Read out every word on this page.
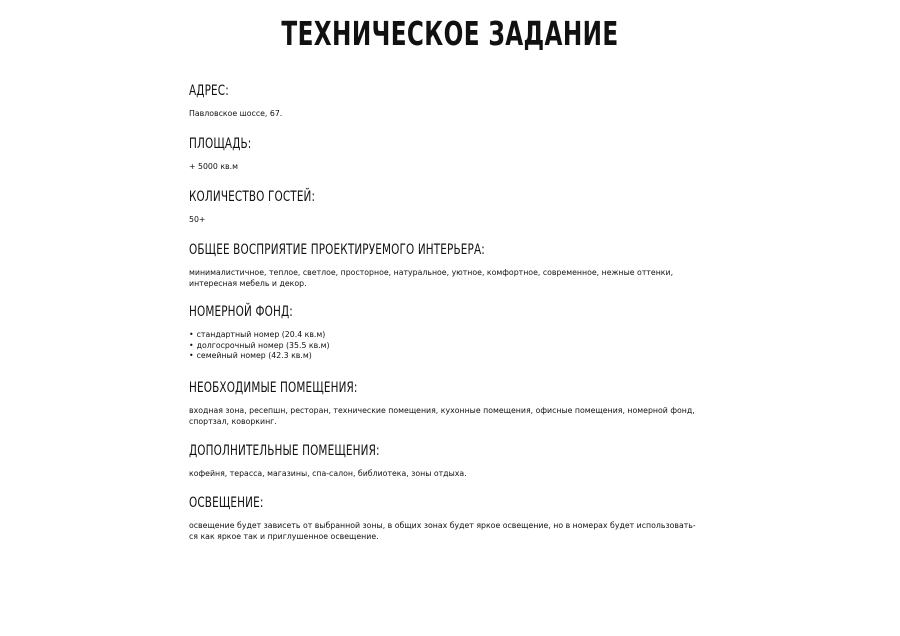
ТЕХНИЧЕСКОЕ ЗАДАНИЕ
АДРЕС:
Павловское шоссе, 67.
ПЛОЩАДЬ:
+ 5000 кв.м
КОЛИЧЕСТВО ГОСТЕЙ:
50+
ОБЩЕЕ ВОСПРИЯТИЕ ПРОЕКТИРУЕМОГО ИНТЕРЬЕРА:
минималистичное, теплое, светлое, просторное, натуральное, уютное, комфортное, современное, нежные оттенки,
интересная мебель и декор.
НОМЕРНОЙ ФОНД:
• стандартный номер (20.4 кв.м)
• долгосрочный номер (35.5 кв.м)
• семейный номер (42.3 кв.м)
НЕОБХОДИМЫЕ ПОМЕЩЕНИЯ:
входная зона, ресепшн, ресторан, технические помещения, кухонные помещения, офисные помещения, номерной фонд,
спортзал, коворкинг.
ДОПОЛНИТЕЛЬНЫЕ ПОМЕЩЕНИЯ:
кофейня, терасса, магазины, спа-салон, библиотека, зоны отдыха.
ОСВЕЩЕНИЕ:
освещение будет зависеть от выбранной зоны, в общих зонах будет яркое освещение, но в номерах будет использовать-
ся как яркое так и приглушенное освещение.
